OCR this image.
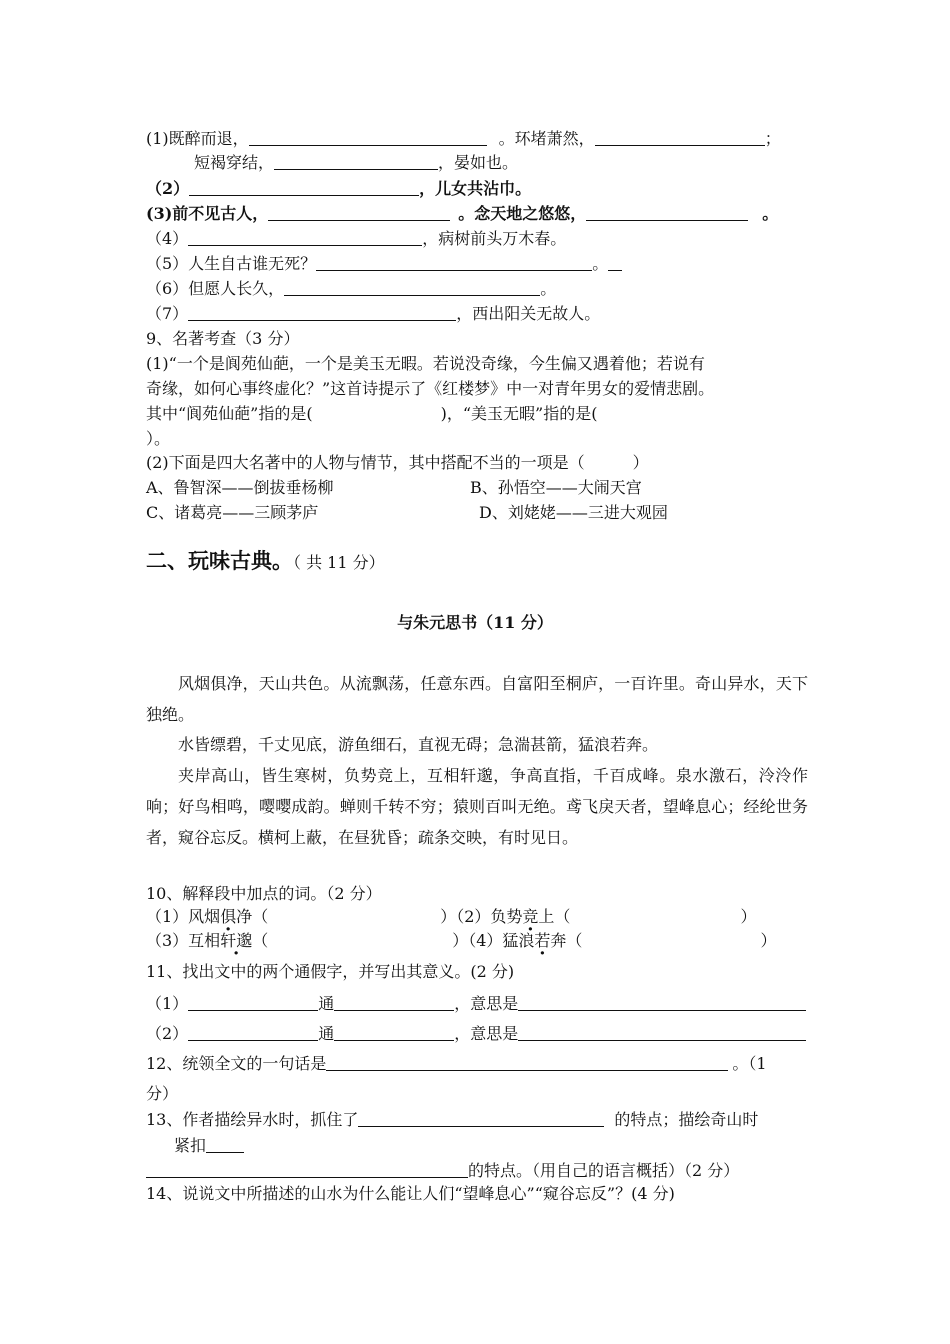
(1)既醉而退，	。环堵萧然，	；
短褐穿结，	，晏如也。
（2）	，儿女共沾巾。
(3)前不见古人，	。念天地之悠悠，	。
（4）	，病树前头万木春。
（5）人生自古谁无死？	。
（6）但愿人长久，	。
（7）	，西出阳关无故人。
9、名著考查（3 分）
(1)“一个是阆苑仙葩，一个是美玉无暇。若说没奇缘，今生偏又遇着他；若说有
奇缘，如何心事终虚化？”这首诗提示了《红楼梦》中一对青年男女的爱情悲剧。
其中“阆苑仙葩”指的是(　　　　　　　　)，“美玉无暇”指的是(
）。
(2)下面是四大名著中的人物与情节，其中搭配不当的一项是（　　　）
A、鲁智深——倒拔垂杨柳	B、孙悟空——大闹天宫
C、诸葛亮——三顾茅庐	D、刘姥姥——三进大观园
二、玩味古典。（ 共 11 分）
与朱元思书（11 分）
风烟俱净，天山共色。从流飘荡，任意东西。自富阳至桐庐，一百许里。奇山异水，天下独绝。
水皆缥碧，千丈见底，游鱼细石，直视无碍；急湍甚箭，猛浪若奔。
夹岸高山，皆生寒树，负势竞上，互相轩邈，争高直指，千百成峰。泉水激石，泠泠作响；好鸟相鸣，嘤嘤成韵。蝉则千转不穷；猿则百叫无绝。鸢飞戾天者，望峰息心；经纶世务者，窥谷忘反。横柯上蔽，在昼犹昏；疏条交映，有时见日。
10、解释段中加点的词。（2 分）
（1）风烟俱净（	）（2）负势竞上（	）
（3）互相轩邈（	）（4）猛浪若奔（	）
11、找出文中的两个通假字，并写出其意义。(2 分)
（1）	通	，意思是
（2）	通	，意思是
12、统领全文的一句话是	。（1
分）
13、作者描绘异水时，抓住了	的特点；描绘奇山时
紧扣
的特点。（用自己的语言概括）（2 分）
14、说说文中所描述的山水为什么能让人们“望峰息心”“窥谷忘反”？(4 分)
